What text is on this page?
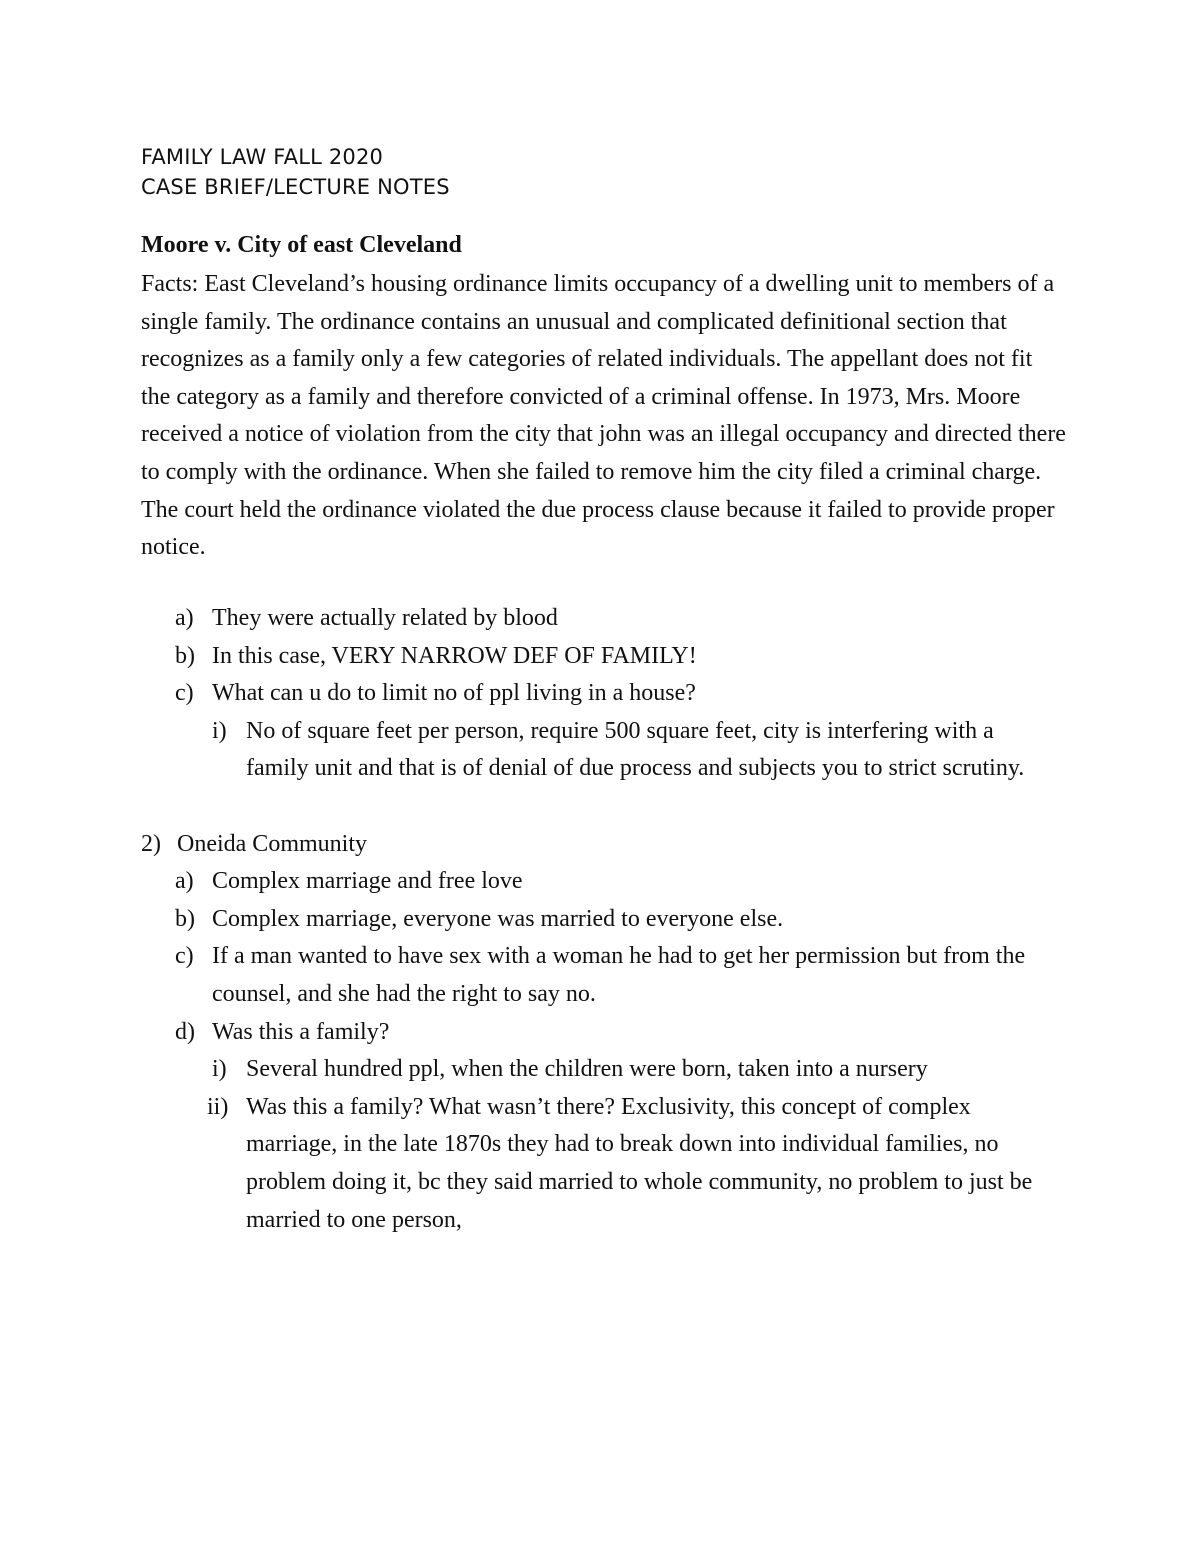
FAMILY LAW FALL 2020
CASE BRIEF/LECTURE NOTES
Moore v. City of east Cleveland

Facts: East Cleveland’s housing ordinance limits occupancy of a dwelling unit to members of a single family. The ordinance contains an unusual and complicated definitional section that recognizes as a family only a few categories of related individuals. The appellant does not fit the category as a family and therefore convicted of a criminal offense. In 1973, Mrs. Moore received a notice of violation from the city that john was an illegal occupancy and directed there to comply with the ordinance. When she failed to remove him the city filed a criminal charge. The court held the ordinance violated the due process clause because it failed to provide proper notice.

a) They were actually related by blood
b) In this case, VERY NARROW DEF OF FAMILY!
c) What can u do to limit no of ppl living in a house?
i) No of square feet per person, require 500 square feet, city is interfering with a family unit and that is of denial of due process and subjects you to strict scrutiny.
2) Oneida Community
a) Complex marriage and free love
b) Complex marriage, everyone was married to everyone else.
c) If a man wanted to have sex with a woman he had to get her permission but from the counsel, and she had the right to say no.
d) Was this a family?
i) Several hundred ppl, when the children were born, taken into a nursery
ii) Was this a family? What wasn’t there? Exclusivity, this concept of complex marriage, in the late 1870s they had to break down into individual families, no problem doing it, bc they said married to whole community, no problem to just be married to one person,
